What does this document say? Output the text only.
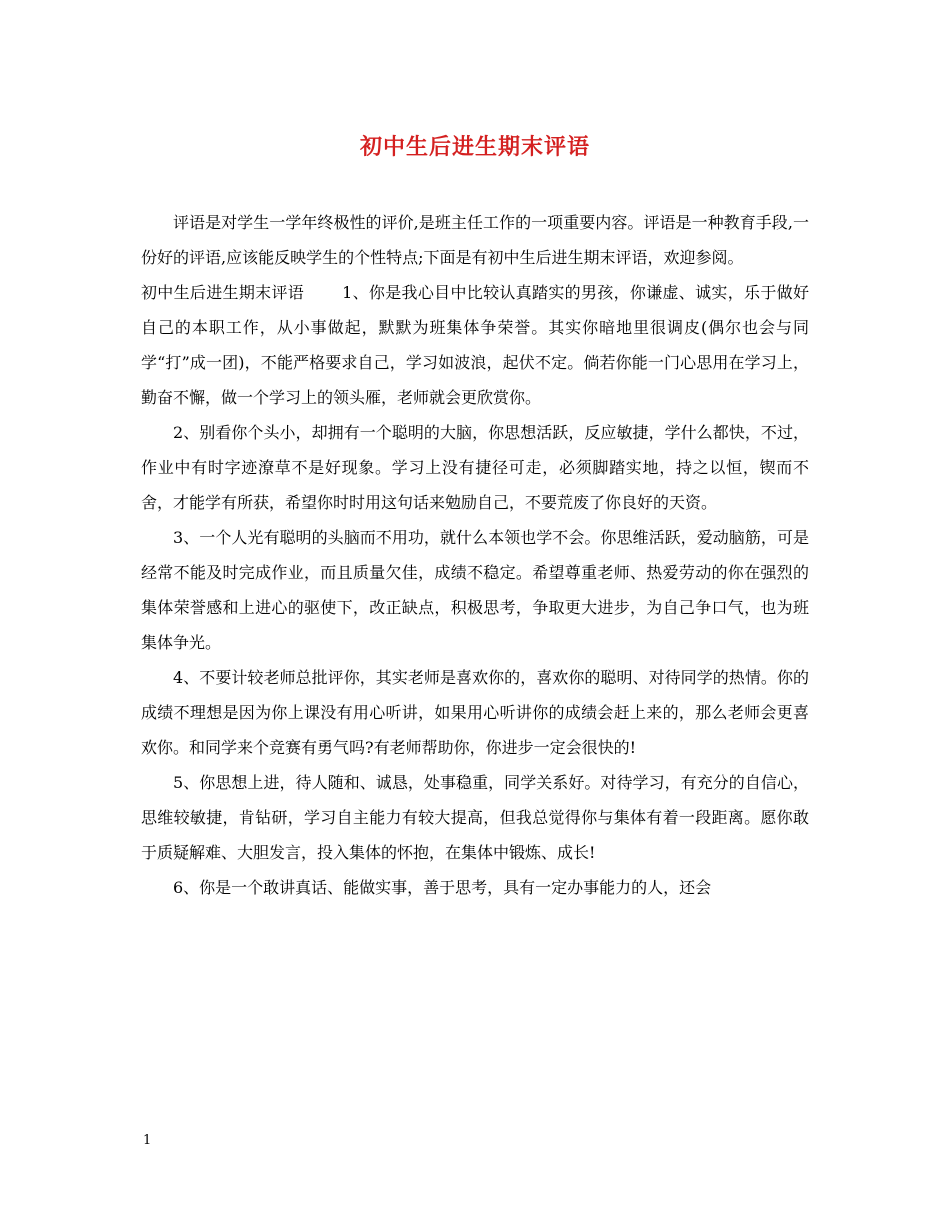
初中生后进生期末评语

评语是对学生一学年终极性的评价,是班主任工作的一项重要内容。评语是一种教育手段,一份好的评语,应该能反映学生的个性特点;下面是有初中生后进生期末评语，欢迎参阅。

初中生后进生期末评语 1、你是我心目中比较认真踏实的男孩，你谦虚、诚实，乐于做好自己的本职工作，从小事做起，默默为班集体争荣誉。其实你暗地里很调皮(偶尔也会与同学“打”成一团)，不能严格要求自己，学习如波浪，起伏不定。倘若你能一门心思用在学习上，勤奋不懈，做一个学习上的领头雁，老师就会更欣赏你。

2、别看你个头小，却拥有一个聪明的大脑，你思想活跃，反应敏捷，学什么都快，不过，作业中有时字迹潦草不是好现象。学习上没有捷径可走，必须脚踏实地，持之以恒，锲而不舍，才能学有所获，希望你时时用这句话来勉励自己，不要荒废了你良好的天资。

3、一个人光有聪明的头脑而不用功，就什么本领也学不会。你思维活跃，爱动脑筋，可是经常不能及时完成作业，而且质量欠佳，成绩不稳定。希望尊重老师、热爱劳动的你在强烈的集体荣誉感和上进心的驱使下，改正缺点，积极思考，争取更大进步，为自己争口气，也为班集体争光。

4、不要计较老师总批评你，其实老师是喜欢你的，喜欢你的聪明、对待同学的热情。你的成绩不理想是因为你上课没有用心听讲，如果用心听讲你的成绩会赶上来的，那么老师会更喜欢你。和同学来个竞赛有勇气吗?有老师帮助你，你进步一定会很快的!

5、你思想上进，待人随和、诚恳，处事稳重，同学关系好。对待学习，有充分的自信心，思维较敏捷，肯钻研，学习自主能力有较大提高，但我总觉得你与集体有着一段距离。愿你敢于质疑解难、大胆发言，投入集体的怀抱，在集体中锻炼、成长!

6、你是一个敢讲真话、能做实事，善于思考，具有一定办事能力的人，还会

1
